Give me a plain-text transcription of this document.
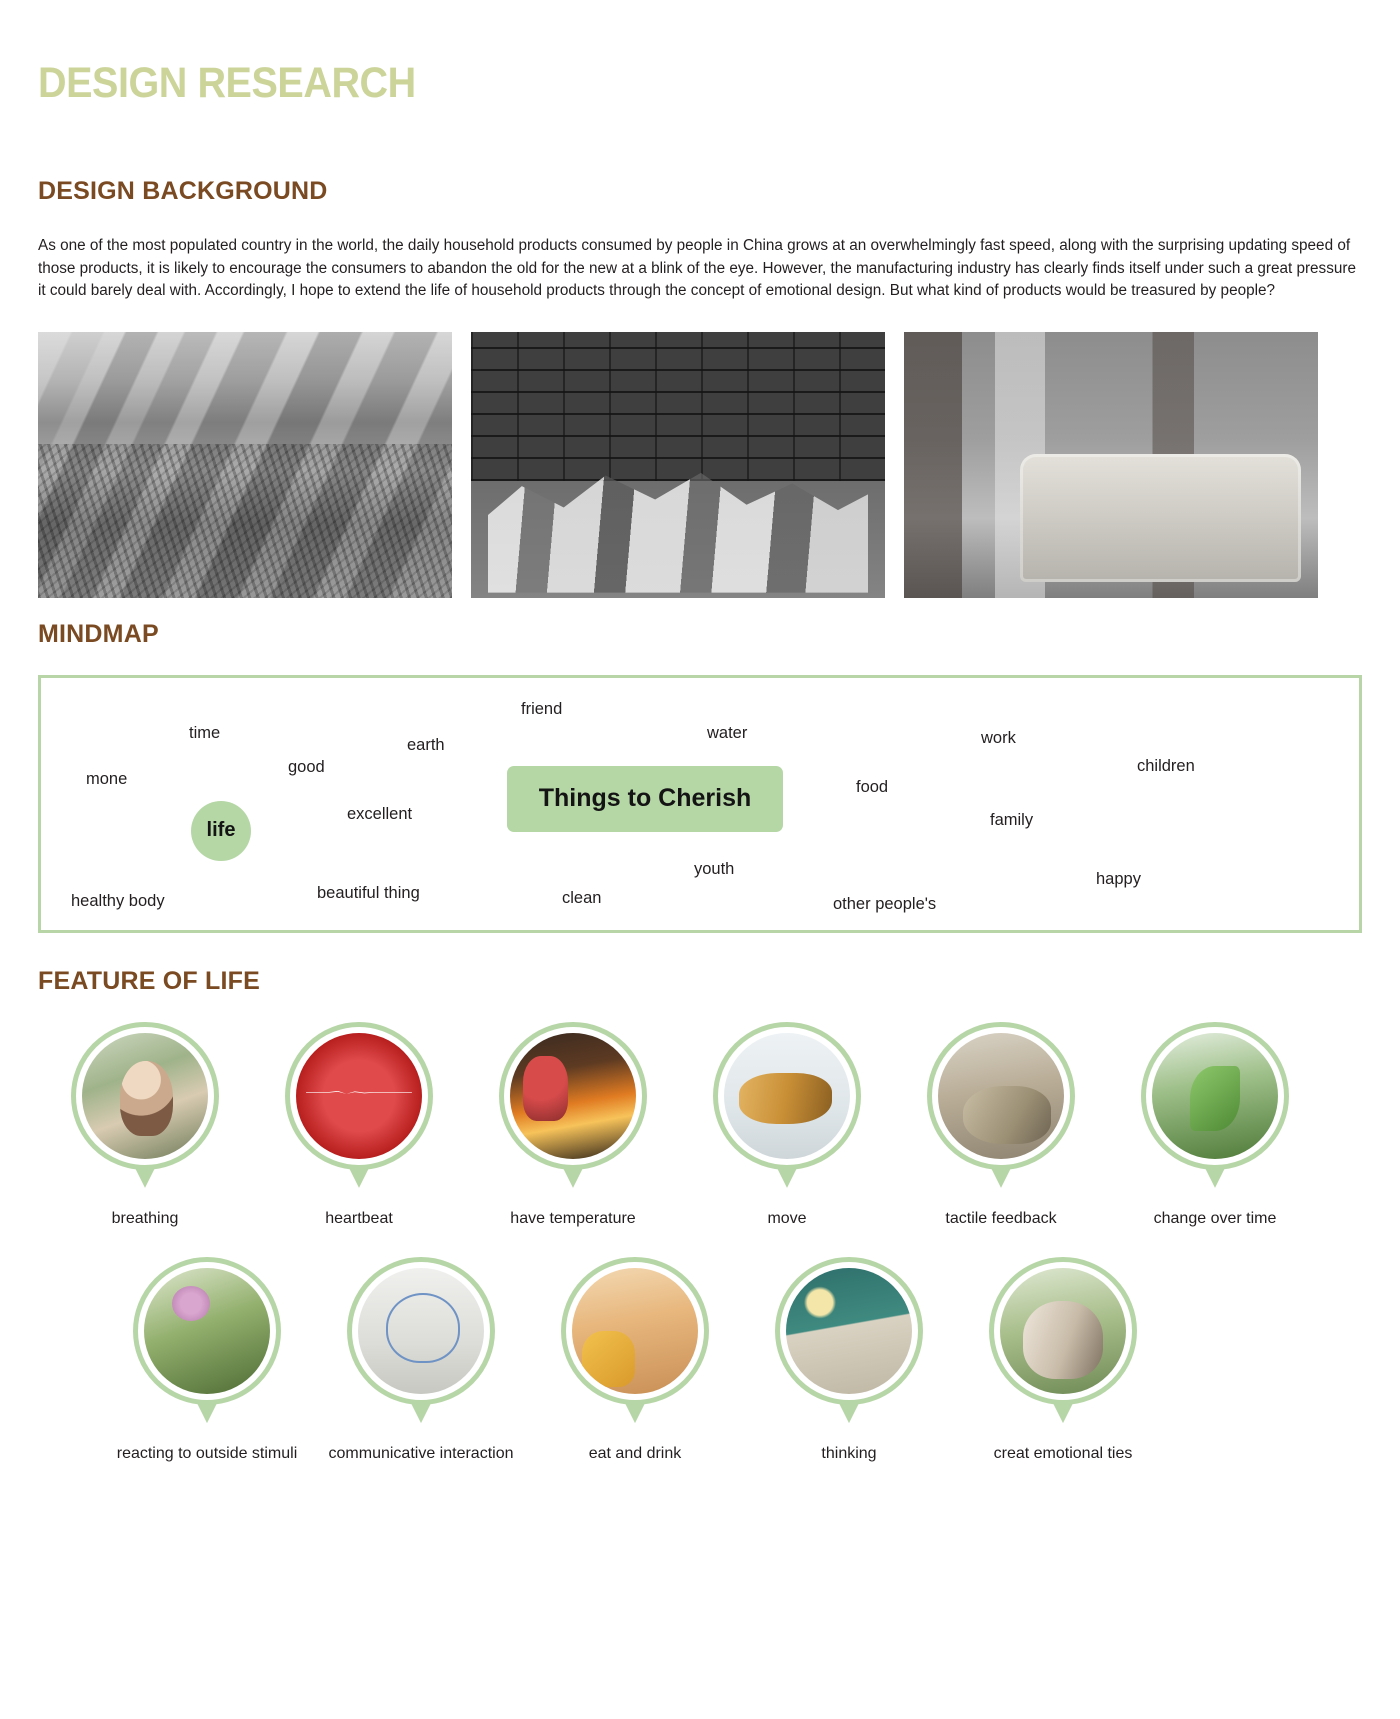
DESIGN RESEARCH
DESIGN BACKGROUND

As one of the most populated country in the world, the daily household products consumed by people in China grows at an overwhelmingly fast speed, along with the surprising updating speed of those products, it is likely to encourage the consumers to abandon the old for the new at a blink of the eye. However, the manufacturing industry has clearly finds itself under such a great pressure it could barely deal with. Accordingly, I hope to extend the life of household products through the concept of emotional design. But what kind of products would be treasured by people?

MINDMAP
Things to Cherish
life
friend
time	water	work
earth
good	children
mone	food
excellent	family
youth
happy
beautiful thing	clean
healthy body	other people's
FEATURE OF LIFE
breathing	heartbeat	have temperature	move	tactile feedback	change over time
reacting to outside stimuli communicative interaction	eat and drink	thinking	creat emotional ties
